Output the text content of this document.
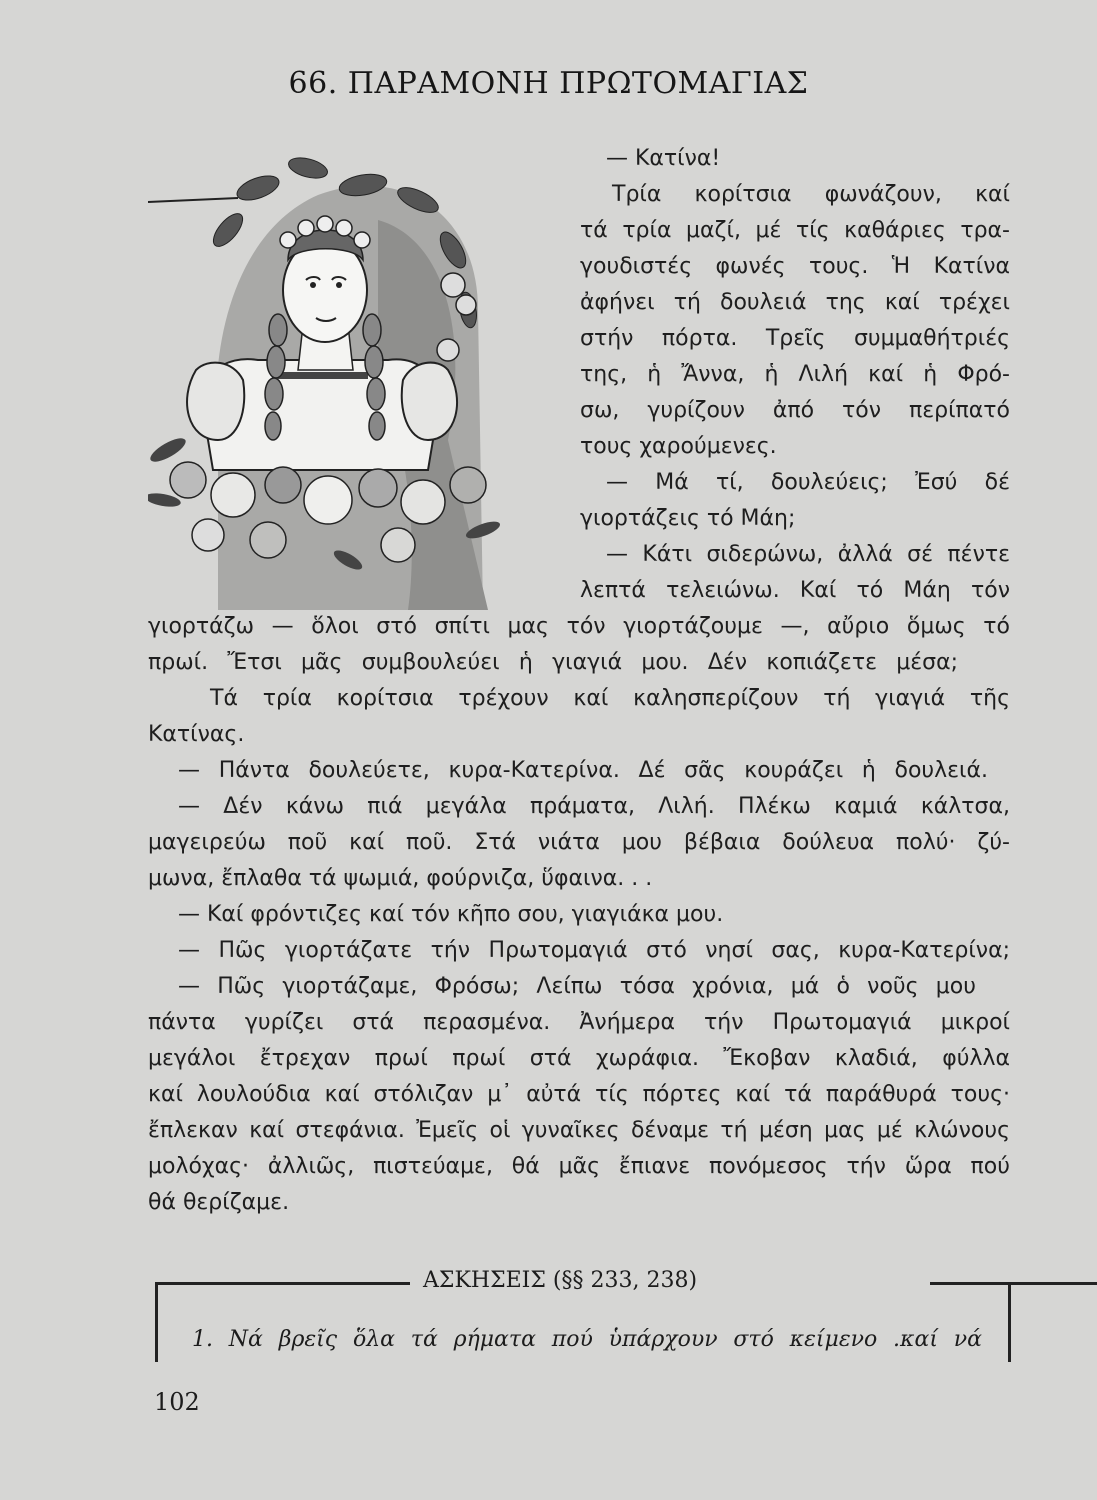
66. ΠΑΡΑΜΟΝΗ ΠΡΩΤΟΜΑΓΙΑΣ
— Κατίνα!
Τρία κορίτσια φωνάζουν, καί
τά τρία μαζί, μέ τίς καθάριες τρα-
γουδιστές φωνές τους. Ἡ Κατίνα
ἀφήνει τή δουλειά της καί τρέχει
στήν πόρτα. Τρεῖς συμμαθήτριές
της, ἡ Ἄννα, ἡ Λιλή καί ἡ Φρό-
σω, γυρίζουν ἀπό τόν περίπατό
τους χαρούμενες.
— Μά τί, δουλεύεις; Ἐσύ δέ
γιορτάζεις τό Μάη;
— Κάτι σιδερώνω, ἀλλά σέ πέντε
λεπτά τελειώνω. Καί τό Μάη τόν
γιορτάζω — ὅλοι στό σπίτι μας τόν γιορτάζουμε —, αὔριο ὅμως τό
πρωί. Ἔτσι μᾶς συμβουλεύει ἡ γιαγιά μου. Δέν κοπιάζετε μέσα;
Τά τρία κορίτσια τρέχουν καί καλησπερίζουν τή γιαγιά τῆς
Κατίνας.
— Πάντα δουλεύετε, κυρα-Κατερίνα. Δέ σᾶς κουράζει ἡ δουλειά.
— Δέν κάνω πιά μεγάλα πράματα, Λιλή. Πλέκω καμιά κάλτσα,
μαγειρεύω ποῦ καί ποῦ. Στά νιάτα μου βέβαια δούλευα πολύ· ζύ-
μωνα, ἔπλαθα τά ψωμιά, φούρνιζα, ὕφαινα. . .
— Καί φρόντιζες καί τόν κῆπο σου, γιαγιάκα μου.
— Πῶς γιορτάζατε τήν Πρωτομαγιά στό νησί σας, κυρα-Κατερίνα;
— Πῶς γιορτάζαμε, Φρόσω; Λείπω τόσα χρόνια, μά ὁ νοῦς μου
πάντα γυρίζει στά περασμένα. Ἀνήμερα τήν Πρωτομαγιά μικροί
μεγάλοι ἔτρεχαν πρωί πρωί στά χωράφια. Ἔκοβαν κλαδιά, φύλλα
καί λουλούδια καί στόλιζαν μ᾽ αὐτά τίς πόρτες καί τά παράθυρά τους·
ἔπλεκαν καί στεφάνια. Ἐμεῖς οἱ γυναῖκες δέναμε τή μέση μας μέ κλώνους
μολόχας· ἀλλιῶς, πιστεύαμε, θά μᾶς ἔπιανε πονόμεσος τήν ὥρα πού
θά θερίζαμε.
ΑΣΚΗΣΕΙΣ (§§ 233, 238)
1. Νά βρεῖς ὅλα τά ρήματα πού ὑπάρχουν στό κείμενο .καί νά
102
